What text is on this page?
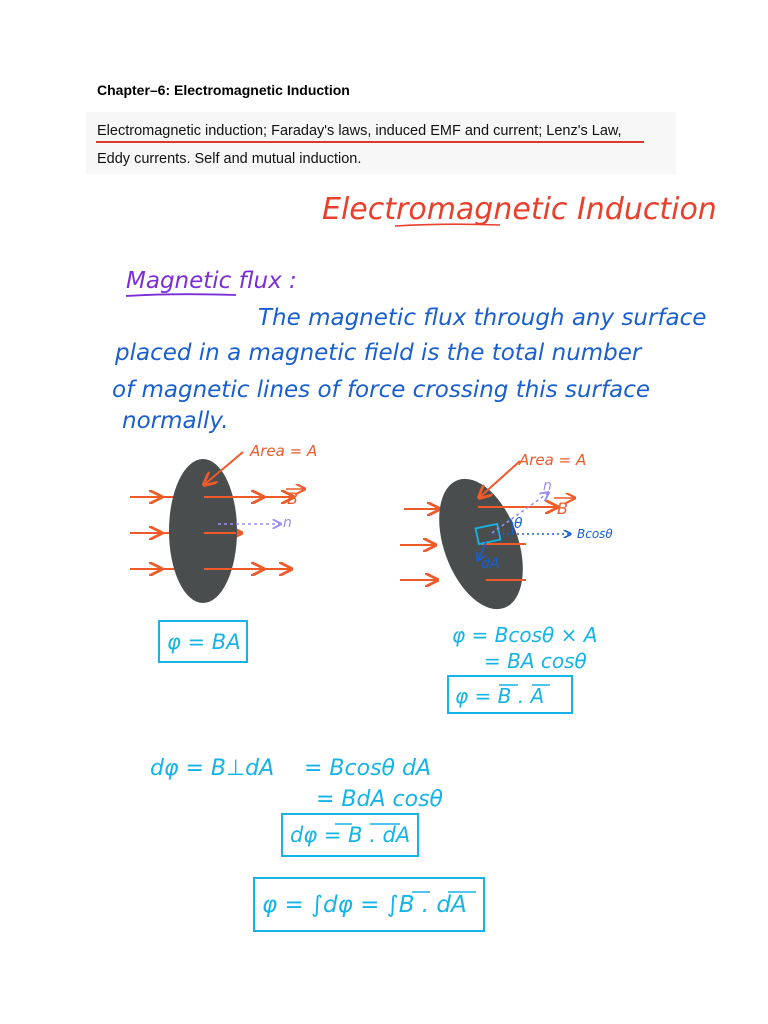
Chapter–6: Electromagnetic Induction
Electromagnetic induction; Faraday's laws, induced EMF and current; Lenz's Law,
Eddy currents. Self and mutual induction.
Electromagnetic Induction
Magnetic flux :
The magnetic flux through any surface
placed in a magnetic field is the total number
of magnetic lines of force crossing this surface
normally.
Area = A
B
n
Area = A
B
n
θ
Bcosθ
dA
φ = BA	φ = Bcosθ × A
= BA cosθ
φ = B . A
dφ = B⊥dA = Bcosθ dA
= BdA cosθ
dφ = B . dA
φ = ∫dφ = ∫B . dA
